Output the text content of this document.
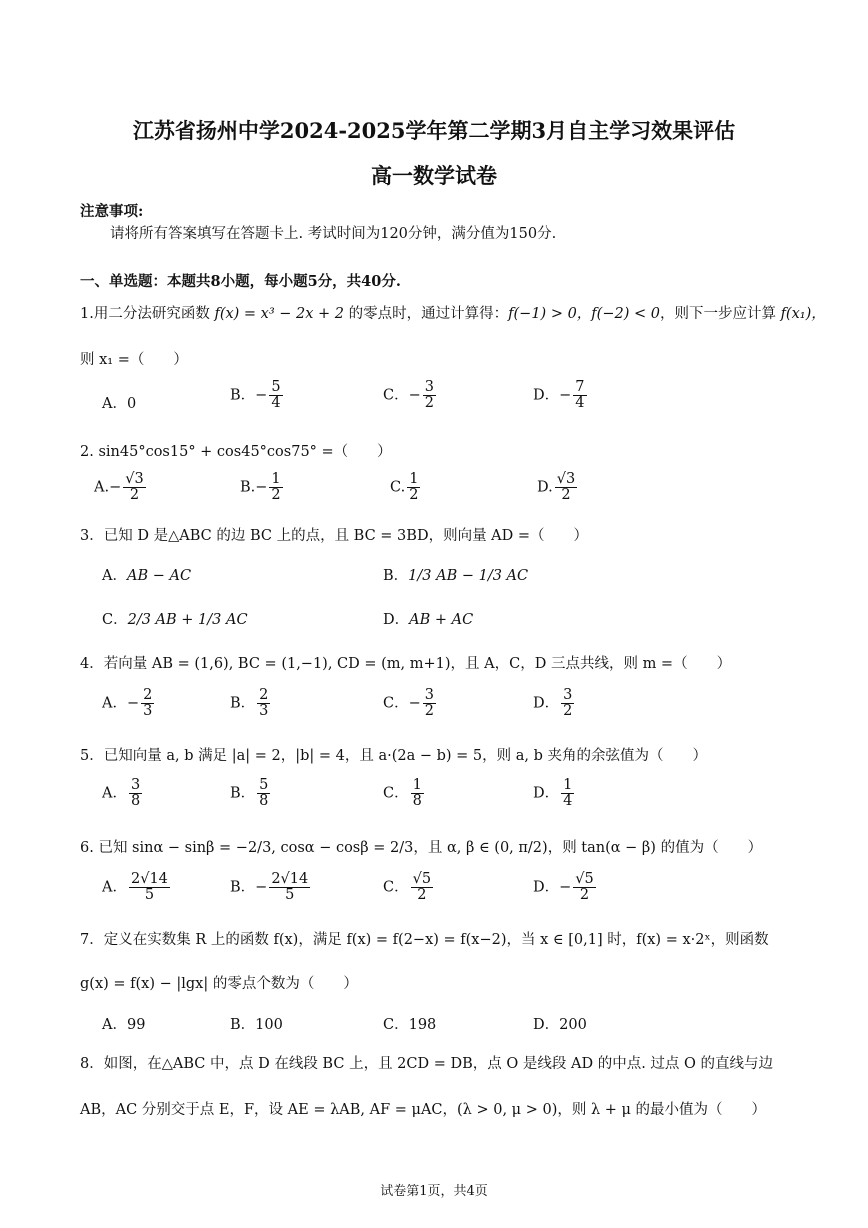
江苏省扬州中学2024-2025学年第二学期3月自主学习效果评估
高一数学试卷
注意事项:
请将所有答案填写在答题卡上. 考试时间为120分钟，满分值为150分.
一、单选题：本题共8小题，每小题5分，共40分.
1.用二分法研究函数 f(x) = x³ − 2x + 2 的零点时，通过计算得：f(−1) > 0，f(−2) < 0，则下一步应计算 f(x₁)，
则 x₁ =（　　）
A．0
B．− $\frac{5}{4}$	C．− $\frac{3}{2}$	D．− $\frac{7}{4}$
2. sin45°cos15° + cos45°cos75° =（　　）
$A.- \frac{√3}{2}$	$B.- \frac{1}{2}$	C. $\frac{1}{2}$	D. $\frac{√3}{2}$
3．已知 D 是△ABC 的边 BC 上的点，且 BC = 3BD，则向量 AD =（　　）
A．AB − AC	B．1/3 AB − 1/3 AC
C．2/3 AB + 1/3 AC	D．AB + AC
4．若向量 AB = (1,6), BC = (1,−1), CD = (m, m+1)，且 A，C，D 三点共线，则 m =（　　）
A．− $\frac{2}{3}$	B． $\frac{2}{3}$	C．− $\frac{3}{2}$	D． $\frac{3}{2}$
5．已知向量 a, b 满足 |a| = 2，|b| = 4，且 a·(2a − b) = 5，则 a, b 夹角的余弦值为（　　）
A． $\frac{3}{8}$	B． $\frac{5}{8}$	C． $\frac{1}{8}$	D． $\frac{1}{4}$
6. 已知 sinα − sinβ = −2/3, cosα − cosβ = 2/3，且 α, β ∈ (0, π/2)，则 tan(α − β) 的值为（　　）
A． $\frac{2√14}{5}$	B．− $\frac{2√14}{5}$	C． $\frac{√5}{2}$	D．− $\frac{√5}{2}$
7．定义在实数集 R 上的函数 f(x)，满足 f(x) = f(2−x) = f(x−2)，当 x ∈ [0,1] 时，f(x) = x·2ˣ，则函数
g(x) = f(x) − |lgx| 的零点个数为（　　）
A．99	B．100	C．198	D．200
8．如图，在△ABC 中，点 D 在线段 BC 上，且 2CD = DB，点 O 是线段 AD 的中点. 过点 O 的直线与边
AB，AC 分别交于点 E，F，设 AE = λAB, AF = μAC，(λ > 0, μ > 0)，则 λ + μ 的最小值为（　　）
试卷第1页，共4页
